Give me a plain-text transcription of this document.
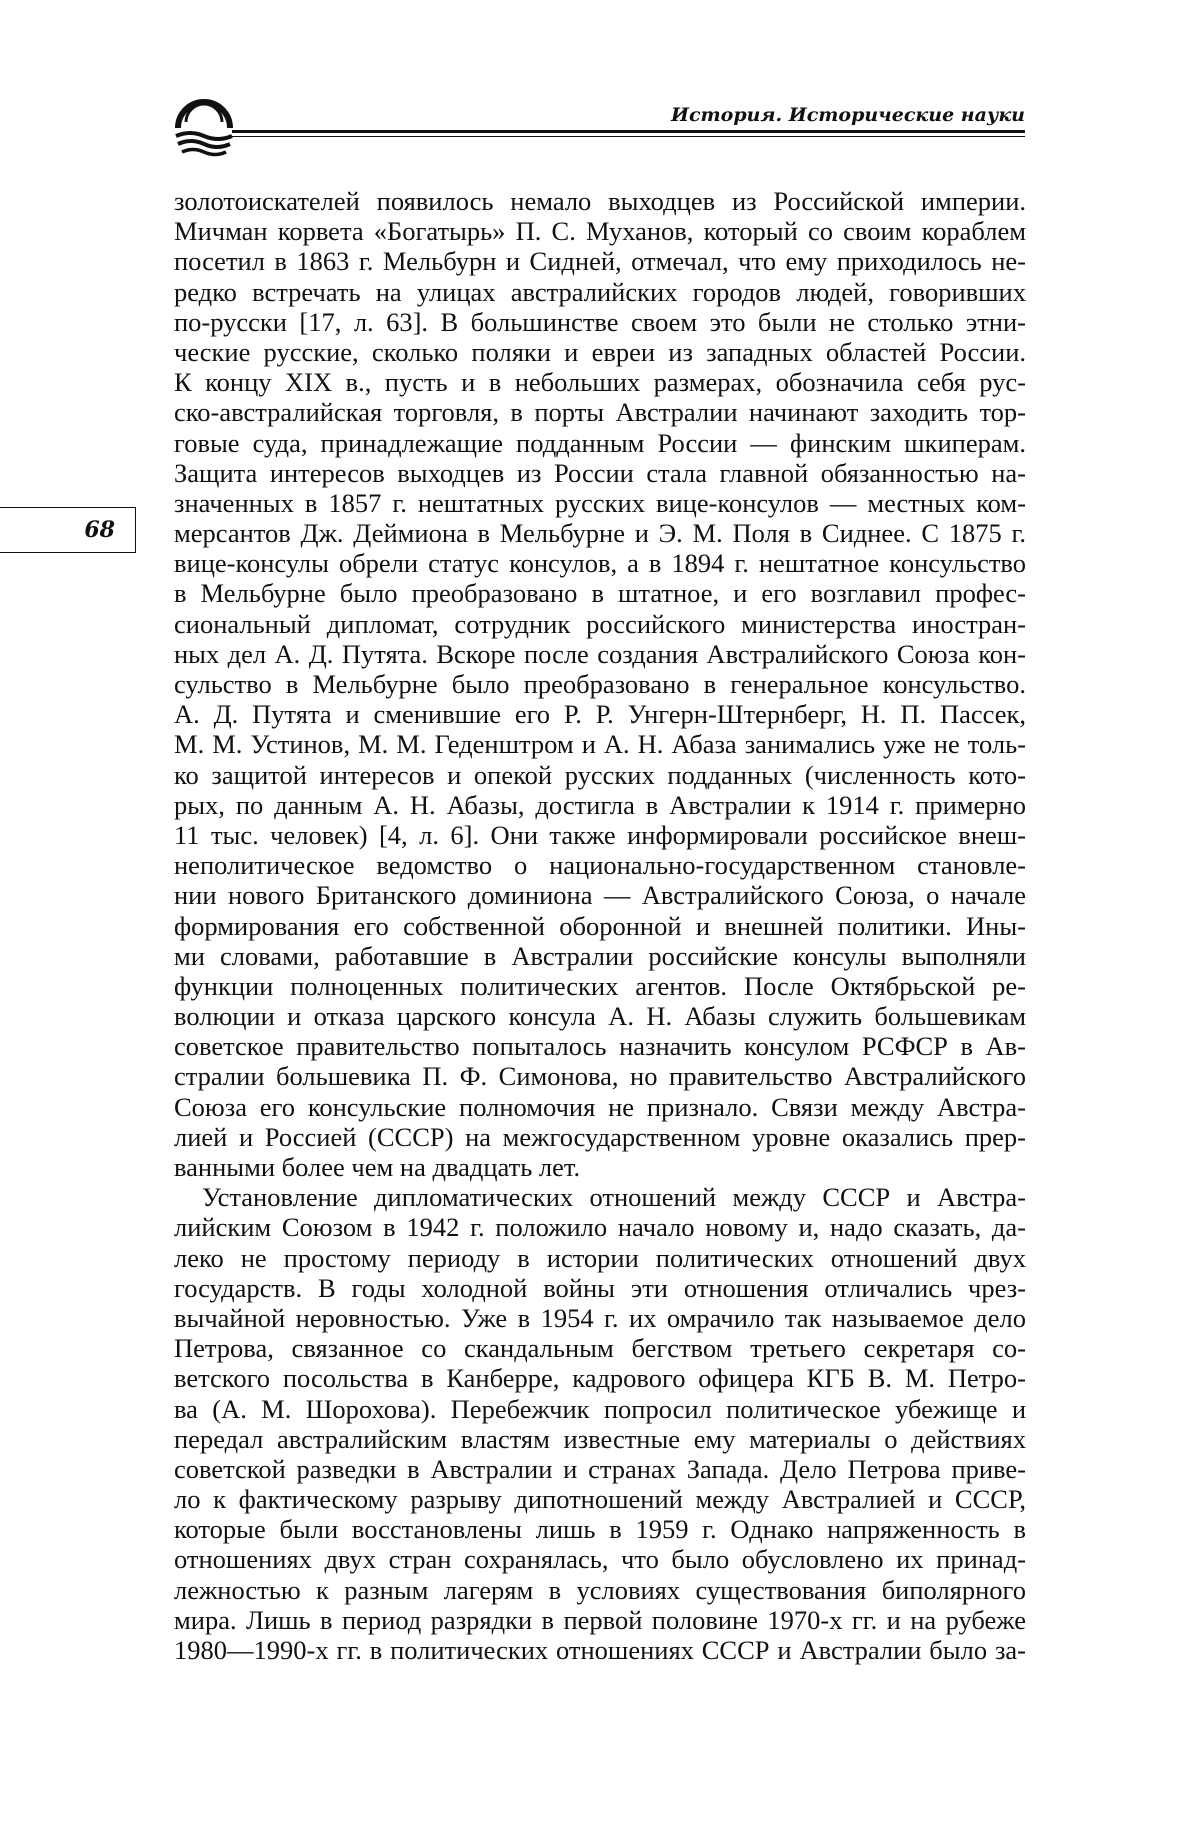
История. Исторические науки
68
золотоискателей появилось немало выходцев из Российской империи.
Мичман корвета «Богатырь» П. С. Муханов, который со своим кораблем
посетил в 1863 г. Мельбурн и Сидней, отмечал, что ему приходилось не-
редко встречать на улицах австралийских городов людей, говоривших
по-русски [17, л. 63]. В большинстве своем это были не столько этни-
ческие русские, сколько поляки и евреи из западных областей России.
К концу XIX в., пусть и в небольших размерах, обозначила себя рус-
ско-австралийская торговля, в порты Австралии начинают заходить тор-
говые суда, принадлежащие подданным России — финским шкиперам.
Защита интересов выходцев из России стала главной обязанностью на-
значенных в 1857 г. нештатных русских вице-консулов — местных ком-
мерсантов Дж. Деймиона в Мельбурне и Э. М. Поля в Сиднее. С 1875 г.
вице-консулы обрели статус консулов, а в 1894 г. нештатное консульство
в Мельбурне было преобразовано в штатное, и его возглавил профес-
сиональный дипломат, сотрудник российского министерства иностран-
ных дел А. Д. Путята. Вскоре после создания Австралийского Союза кон-
сульство в Мельбурне было преобразовано в генеральное консульство.
А. Д. Путята и сменившие его Р. Р. Унгерн-Штернберг, Н. П. Пассек,
М. М. Устинов, М. М. Геденштром и А. Н. Абаза занимались уже не толь-
ко защитой интересов и опекой русских подданных (численность кото-
рых, по данным А. Н. Абазы, достигла в Австралии к 1914 г. примерно
11 тыс. человек) [4, л. 6]. Они также информировали российское внеш-
неполитическое ведомство о национально-государственном становле-
нии нового Британского доминиона — Австралийского Союза, о начале
формирования его собственной оборонной и внешней политики. Ины-
ми словами, работавшие в Австралии российские консулы выполняли
функции полноценных политических агентов. После Октябрьской ре-
волюции и отказа царского консула А. Н. Абазы служить большевикам
советское правительство попыталось назначить консулом РСФСР в Ав-
стралии большевика П. Ф. Симонова, но правительство Австралийского
Союза его консульские полномочия не признало. Связи между Австра-
лией и Россией (СССР) на межгосударственном уровне оказались прер-
ванными более чем на двадцать лет.
Установление дипломатических отношений между СССР и Австра-
лийским Союзом в 1942 г. положило начало новому и, надо сказать, да-
леко не простому периоду в истории политических отношений двух
государств. В годы холодной войны эти отношения отличались чрез-
вычайной неровностью. Уже в 1954 г. их омрачило так называемое дело
Петрова, связанное со скандальным бегством третьего секретаря со-
ветского посольства в Канберре, кадрового офицера КГБ В. М. Петро-
ва (А. М. Шорохова). Перебежчик попросил политическое убежище и
передал австралийским властям известные ему материалы о действиях
советской разведки в Австралии и странах Запада. Дело Петрова приве-
ло к фактическому разрыву дипотношений между Австралией и СССР,
которые были восстановлены лишь в 1959 г. Однако напряженность в
отношениях двух стран сохранялась, что было обусловлено их принад-
лежностью к разным лагерям в условиях существования биполярного
мира. Лишь в период разрядки в первой половине 1970-х гг. и на рубеже
1980—1990-х гг. в политических отношениях СССР и Австралии было за-
